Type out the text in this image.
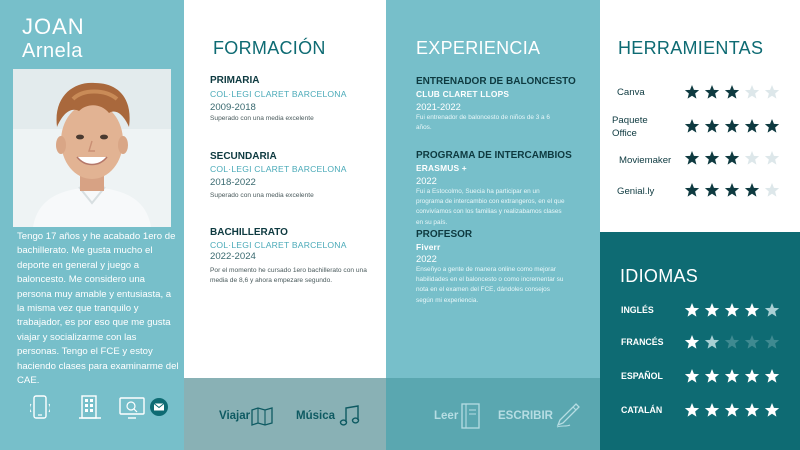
JOAN
Arnela
Tengo 17 años y he acabado 1ero de bachillerato. Me gusta mucho el deporte en general y juego a baloncesto. Me considero una persona muy amable y entusiasta, a la misma vez que tranquilo y trabajador, es por eso que me gusta viajar y socializarme con las personas. Tengo el FCE y estoy haciendo clases para examinarme del CAE.
FORMACIÓN	EXPERIENCIA	HERRAMIENTAS
IDIOMAS
PRIMARIA
COL·LEGI CLARET BARCELONA
2009-2018
Superado con una media excelente
SECUNDARIA
COL·LEGI CLARET BARCELONA
2018-2022
Superado con una media excelente
BACHILLERATO
COL·LEGI CLARET BARCELONA
2022-2024
Por el momento he cursado 1ero bachillerato con una media de 8,6 y ahora empezare segundo.
ENTRENADOR DE BALONCESTO
CLUB CLARET LLOPS
2021-2022
Fui entrenador de baloncesto de niños de 3 a 6 años.
PROGRAMA DE INTERCAMBIOS
ERASMUS +
2022
Fui a Estocolmo, Suecia ha participar en un programa de intercambio con extrangeros, en el que convivíamos con los familias y realizabamos clases en su país.
PROFESOR
Fiverr
2022
Enseñyo a gente de manera online como mejorar habilidades en el baloncesto o como incrementar su nota en el examen del FCE, dándoles consejos según mi experiencia.
Canva
Paquete Office
Moviemaker
Genial.ly
INGLÉS
FRANCÉS
ESPAÑOL
CATALÁN
Viajar	Música	Leer	ESCRIBIR
